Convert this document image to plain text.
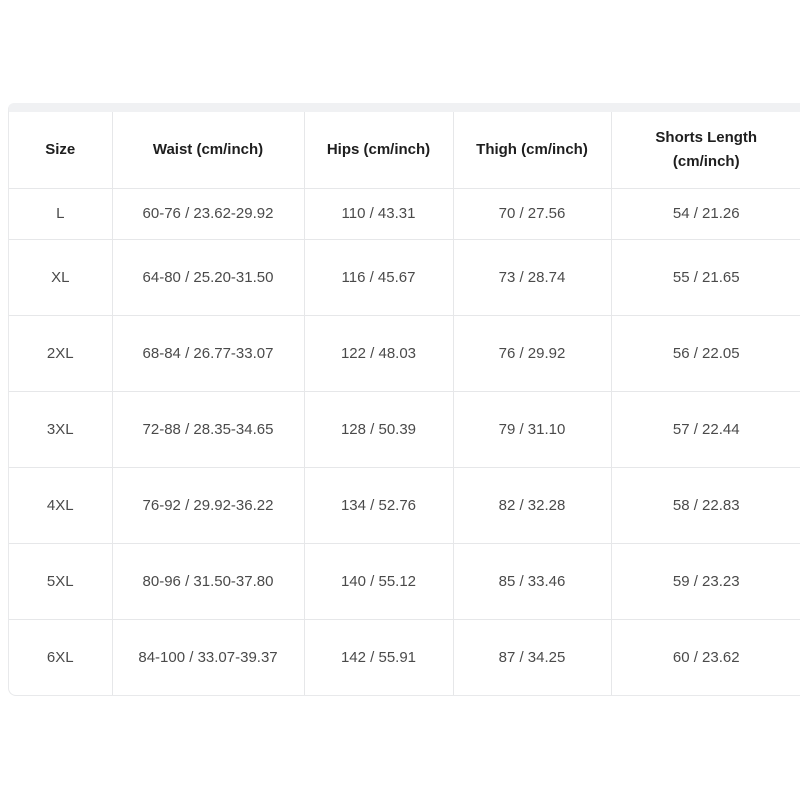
Size	Waist (cm/inch)	Hips (cm/inch)	Thigh (cm/inch)	Shorts Length (cm/inch)
L	60-76 / 23.62-29.92	110 / 43.31	70 / 27.56	54 / 21.26
XL	64-80 / 25.20-31.50	116 / 45.67	73 / 28.74	55 / 21.65
2XL	68-84 / 26.77-33.07	122 / 48.03	76 / 29.92	56 / 22.05
3XL	72-88 / 28.35-34.65	128 / 50.39	79 / 31.10	57 / 22.44
4XL	76-92 / 29.92-36.22	134 / 52.76	82 / 32.28	58 / 22.83
5XL	80-96 / 31.50-37.80	140 / 55.12	85 / 33.46	59 / 23.23
6XL	84-100 / 33.07-39.37	142 / 55.91	87 / 34.25	60 / 23.62
